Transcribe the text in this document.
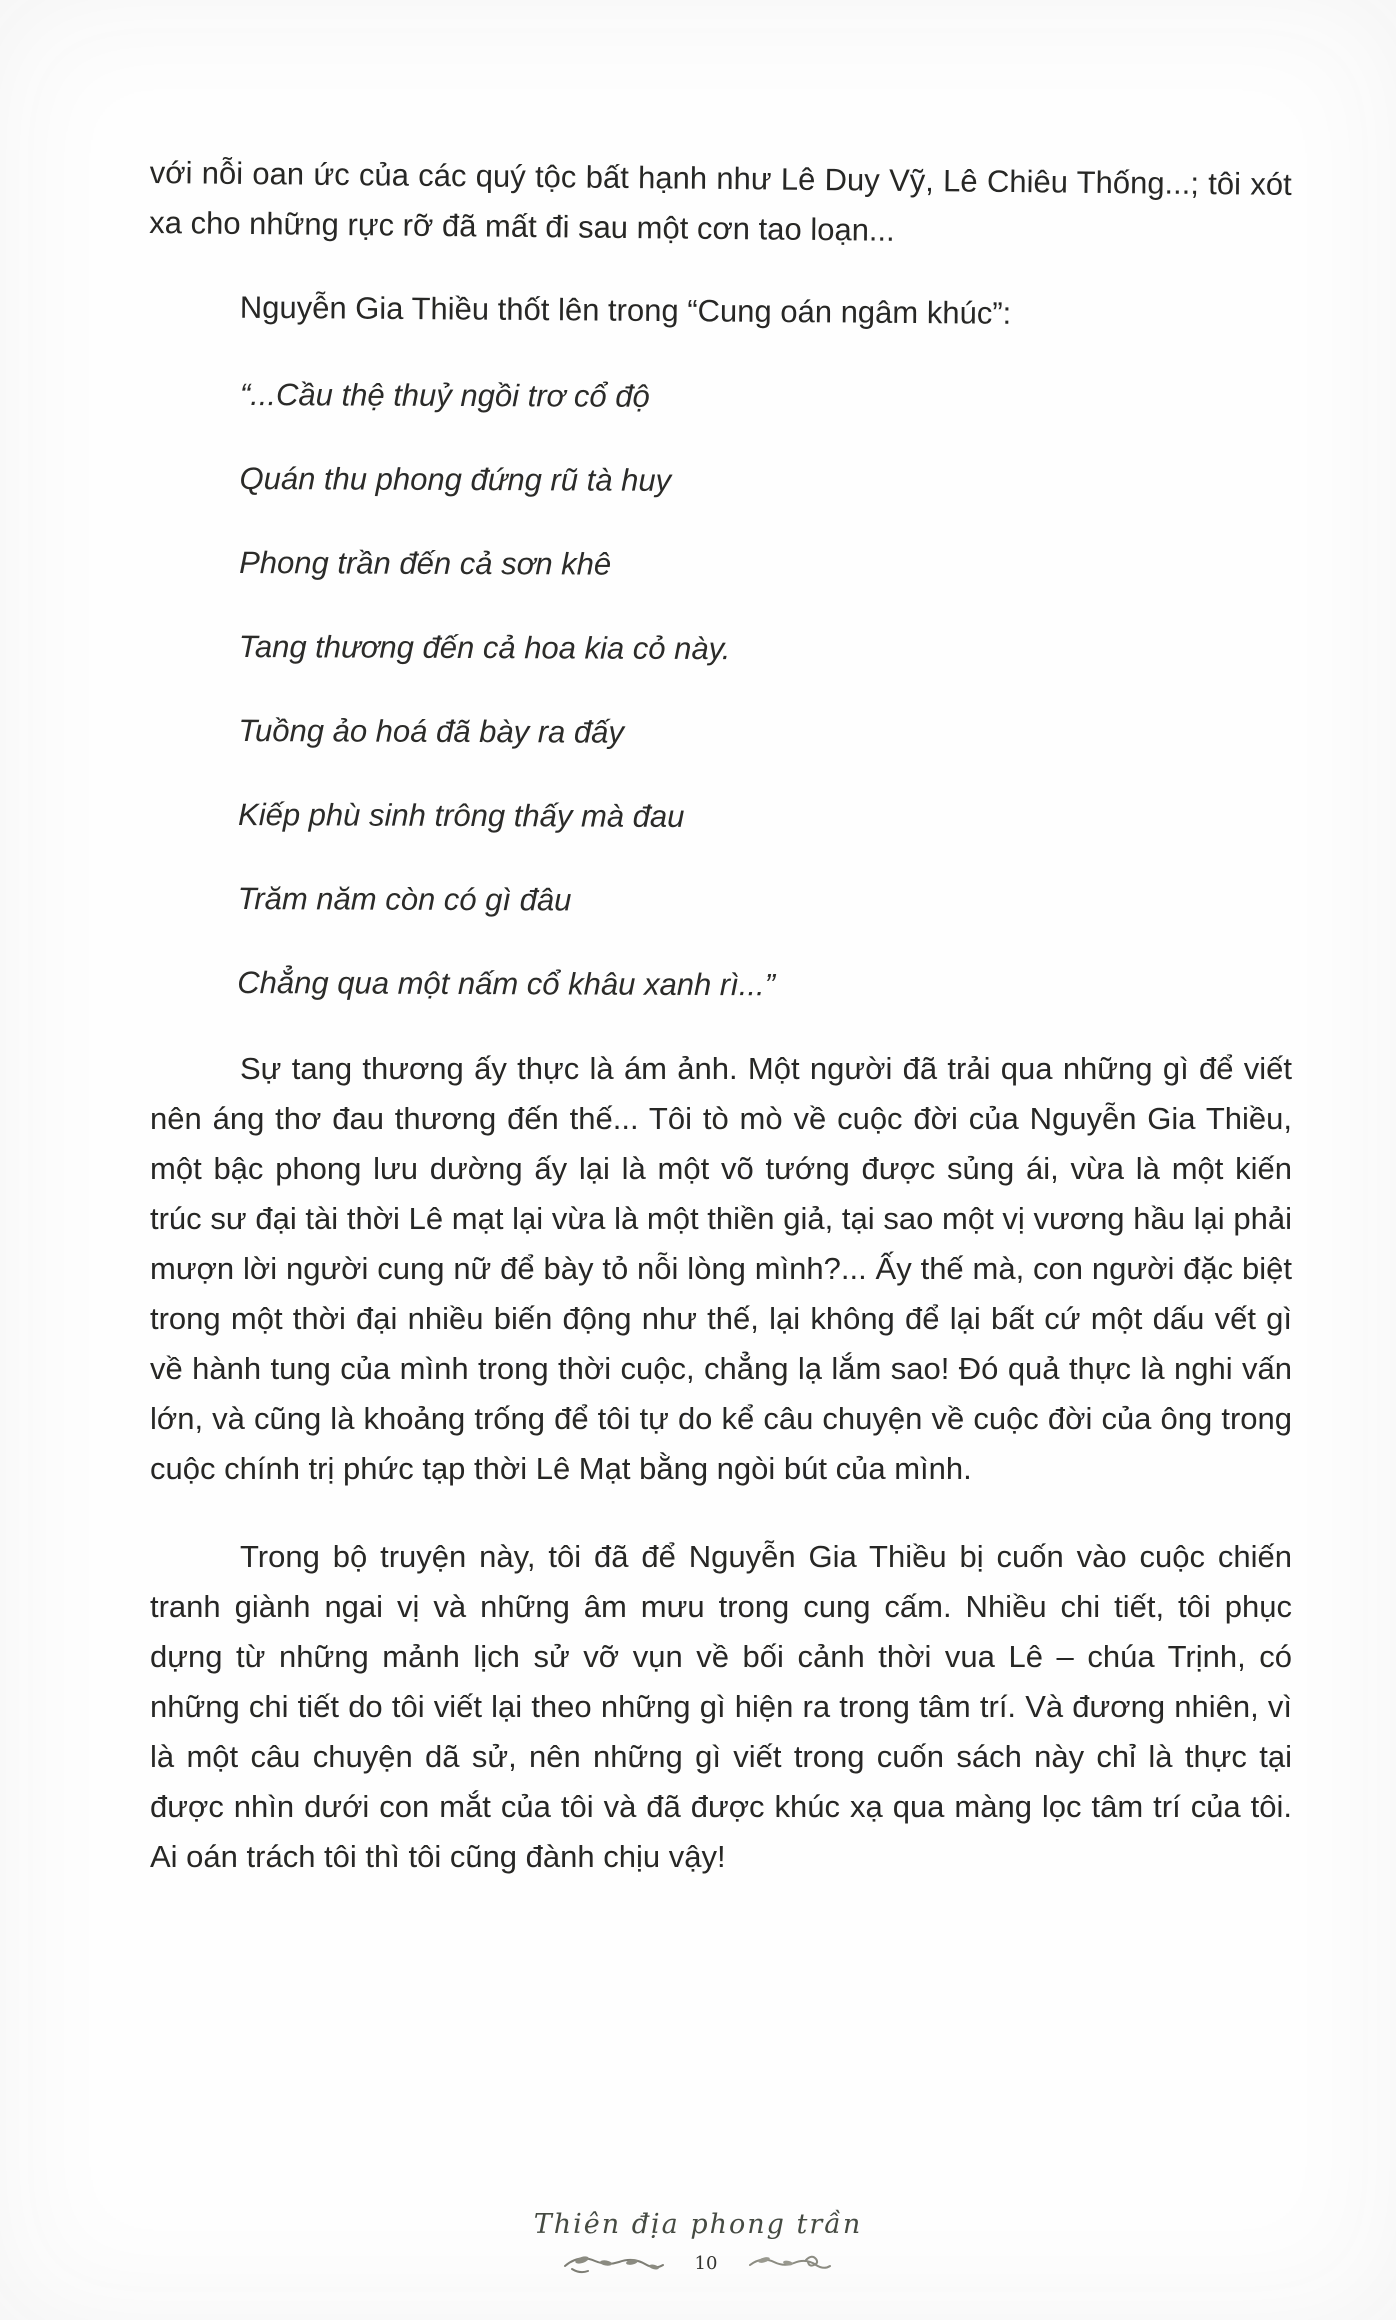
với nỗi oan ức của các quý tộc bất hạnh như Lê Duy Vỹ, Lê Chiêu Thống...; tôi xót xa cho những rực rỡ đã mất đi sau một cơn tao loạn...

Nguyễn Gia Thiều thốt lên trong “Cung oán ngâm khúc”:

“...Cầu thệ thuỷ ngồi trơ cổ độ

Quán thu phong đứng rũ tà huy

Phong trần đến cả sơn khê

Tang thương đến cả hoa kia cỏ này.

Tuồng ảo hoá đã bày ra đấy

Kiếp phù sinh trông thấy mà đau

Trăm năm còn có gì đâu

Chẳng qua một nấm cổ khâu xanh rì...”

Sự tang thương ấy thực là ám ảnh. Một người đã trải qua những gì để viết nên áng thơ đau thương đến thế... Tôi tò mò về cuộc đời của Nguyễn Gia Thiều, một bậc phong lưu dường ấy lại là một võ tướng được sủng ái, vừa là một kiến trúc sư đại tài thời Lê mạt lại vừa là một thiền giả, tại sao một vị vương hầu lại phải mượn lời người cung nữ để bày tỏ nỗi lòng mình?... Ấy thế mà, con người đặc biệt trong một thời đại nhiều biến động như thế, lại không để lại bất cứ một dấu vết gì về hành tung của mình trong thời cuộc, chẳng lạ lắm sao! Đó quả thực là nghi vấn lớn, và cũng là khoảng trống để tôi tự do kể câu chuyện về cuộc đời của ông trong cuộc chính trị phức tạp thời Lê Mạt bằng ngòi bút của mình.

Trong bộ truyện này, tôi đã để Nguyễn Gia Thiều bị cuốn vào cuộc chiến tranh giành ngai vị và những âm mưu trong cung cấm. Nhiều chi tiết, tôi phục dựng từ những mảnh lịch sử vỡ vụn về bối cảnh thời vua Lê – chúa Trịnh, có những chi tiết do tôi viết lại theo những gì hiện ra trong tâm trí. Và đương nhiên, vì là một câu chuyện dã sử, nên những gì viết trong cuốn sách này chỉ là thực tại được nhìn dưới con mắt của tôi và đã được khúc xạ qua màng lọc tâm trí của tôi. Ai oán trách tôi thì tôi cũng đành chịu vậy!

Thiên địa phong trần
10
